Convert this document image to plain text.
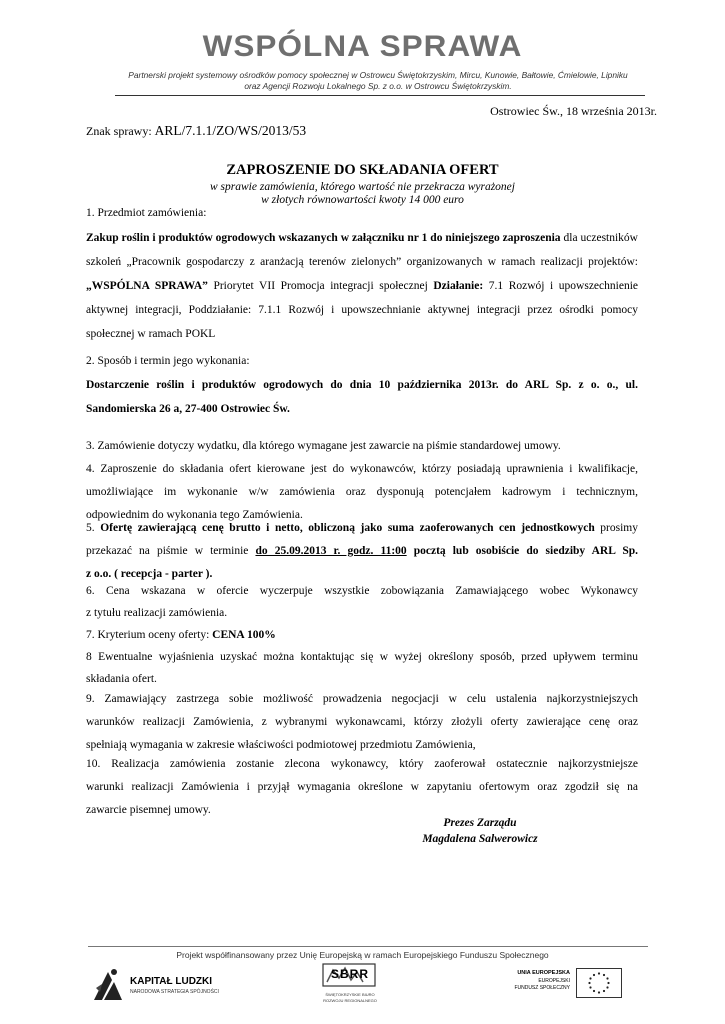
WSPÓLNA SPRAWA
Partnerski projekt systemowy ośrodków pomocy społecznej w Ostrowcu Świętokrzyskim, Mircu, Kunowie, Bałtowie, Ćmielowie, Lipniku
oraz Agencji Rozwoju Lokalnego Sp. z o.o. w Ostrowcu Świętokrzyskim.
Ostrowiec Św., 18 września 2013r.
Znak sprawy: ARL/7.1.1/ZO/WS/2013/53
ZAPROSZENIE DO SKŁADANIA OFERT
w sprawie zamówienia, którego wartość nie przekracza wyrażonej
w złotych równowartości kwoty 14 000 euro
1. Przedmiot zamówienia:
Zakup roślin i produktów ogrodowych wskazanych w załączniku nr 1 do niniejszego zaproszenia dla uczestników szkoleń „Pracownik gospodarczy z aranżacją terenów zielonych” organizowanych w ramach realizacji projektów: „WSPÓLNA SPRAWA” Priorytet VII Promocja integracji społecznej Działanie: 7.1 Rozwój i upowszechnienie aktywnej integracji, Poddziałanie: 7.1.1 Rozwój i upowszechnianie aktywnej integracji przez ośrodki pomocy społecznej w ramach POKL
2. Sposób i termin jego wykonania:
Dostarczenie roślin i produktów ogrodowych do dnia 10 października 2013r. do ARL Sp. z o. o., ul.
Sandomierska 26 a, 27-400 Ostrowiec Św.
3. Zamówienie dotyczy wydatku, dla którego wymagane jest zawarcie na piśmie standardowej umowy.
4. Zaproszenie do składania ofert kierowane jest do wykonawców, którzy posiadają uprawnienia i kwalifikacje,
umożliwiające im wykonanie w/w zamówienia oraz dysponują potencjałem kadrowym i technicznym,
odpowiednim do wykonania tego Zamówienia.
5. Ofertę zawierającą cenę brutto i netto, obliczoną jako suma zaoferowanych cen jednostkowych prosimy
przekazać na piśmie w terminie do 25.09.2013 r. godz. 11:00 pocztą lub osobiście do siedziby ARL Sp.
z o.o. ( recepcja - parter ).
6. Cena wskazana w ofercie wyczerpuje wszystkie zobowiązania Zamawiającego wobec Wykonawcy
z tytułu realizacji zamówienia.
7. Kryterium oceny oferty: CENA 100%
8 Ewentualne wyjaśnienia uzyskać można kontaktując się w wyżej określony sposób, przed upływem terminu
składania ofert.
9. Zamawiający zastrzega sobie możliwość prowadzenia negocjacji w celu ustalenia najkorzystniejszych
warunków realizacji Zamówienia, z wybranymi wykonawcami, którzy złożyli oferty zawierające cenę oraz
spełniają wymagania w zakresie właściwości podmiotowej przedmiotu Zamówienia,
10. Realizacja zamówienia zostanie zlecona wykonawcy, który zaoferował ostatecznie najkorzystniejsze
warunki realizacji Zamówienia i przyjął wymagania określone w zapytaniu ofertowym oraz zgodził się na
zawarcie pisemnej umowy.
Prezes Zarządu
Magdalena Salwerowicz
Projekt współfinansowany przez Unię Europejską w ramach Europejskiego Funduszu Społecznego
KAPITAŁ LUDZKI
NARODOWA STRATEGIA SPÓJNOŚCI
SBRR
ŚWIĘTOKRZYSKIE BIURO
ROZWOJU REGIONALNEGO
UNIA EUROPEJSKA
EUROPEJSKI
FUNDUSZ SPOŁECZNY
